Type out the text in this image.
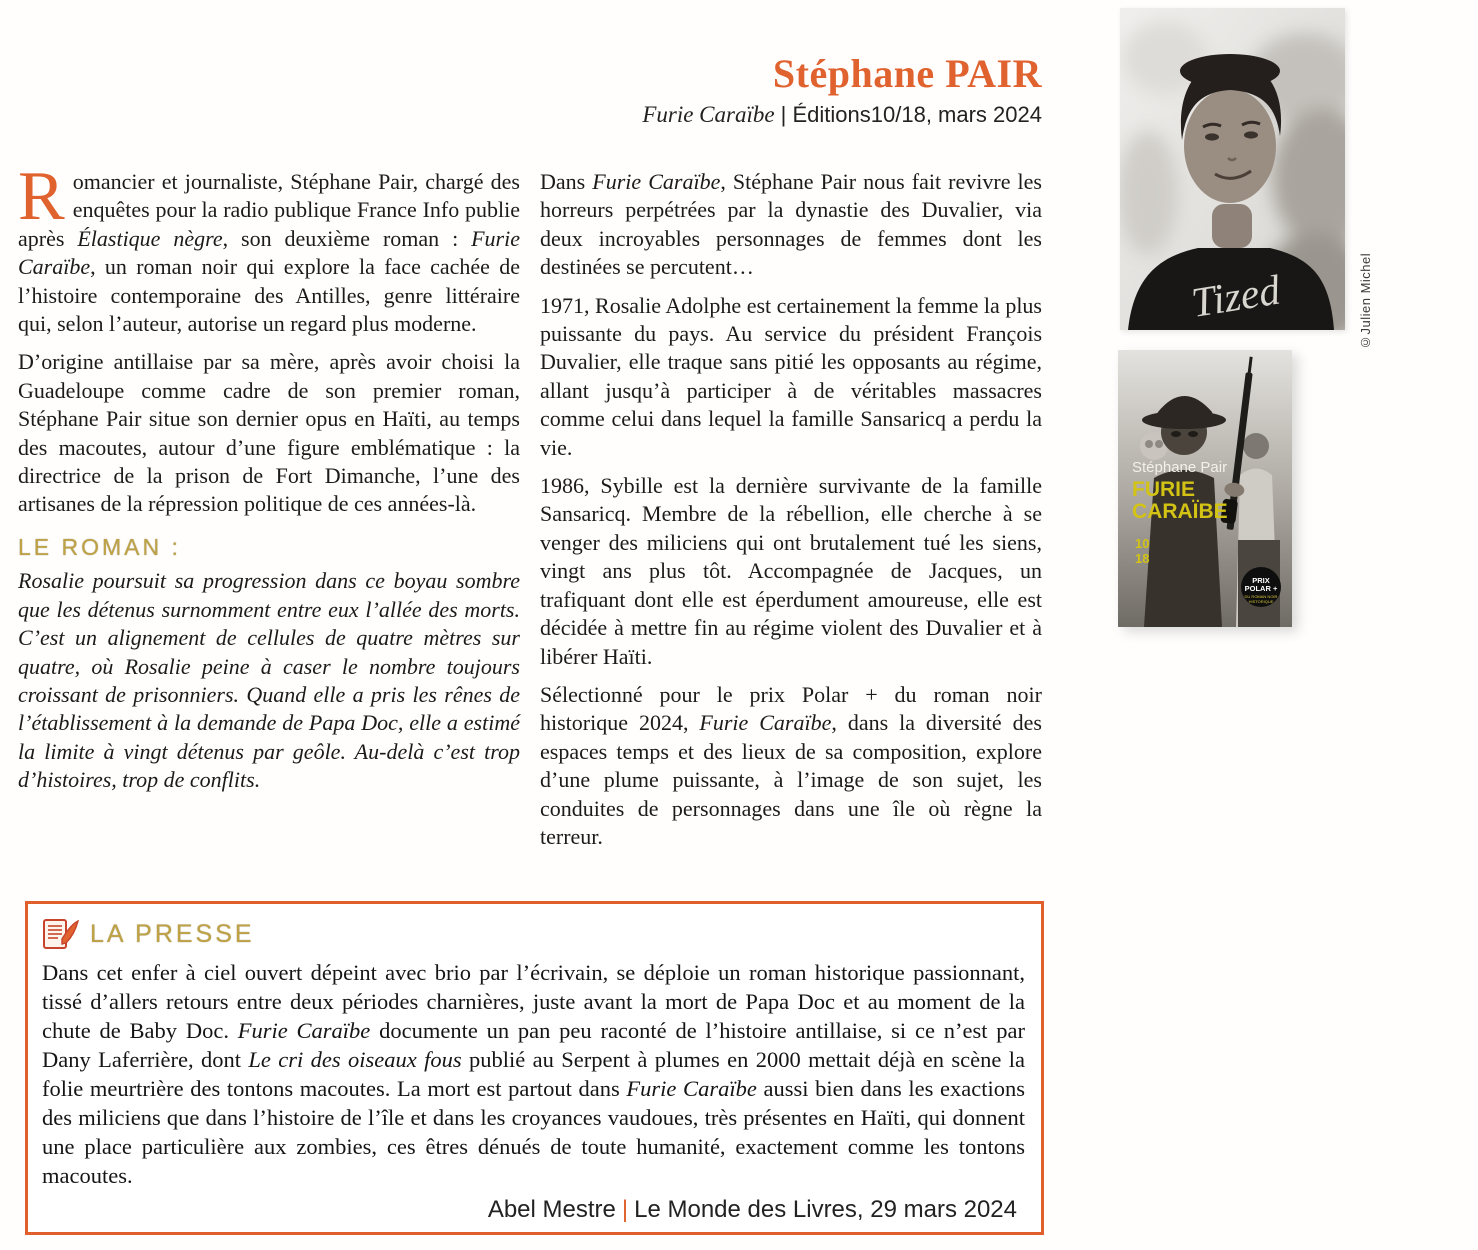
Stéphane PAIR

Furie Caraïbe | Éditions10/18, mars 2024

Romancier et journaliste, Stéphane Pair, chargé des enquêtes pour la radio publique France Info publie après Élastique nègre, son deuxième roman : Furie Caraïbe, un roman noir qui explore la face cachée de l’histoire contemporaine des Antilles, genre littéraire qui, selon l’auteur, autorise un regard plus moderne.

D’origine antillaise par sa mère, après avoir choisi la Guadeloupe comme cadre de son premier roman, Stéphane Pair situe son dernier opus en Haïti, au temps des macoutes, autour d’une figure emblématique : la directrice de la prison de Fort Dimanche, l’une des artisanes de la répression politique de ces années-là.

LE ROMAN :

Rosalie poursuit sa progression dans ce boyau sombre que les détenus surnomment entre eux l’allée des morts. C’est un alignement de cellules de quatre mètres sur quatre, où Rosalie peine à caser le nombre toujours croissant de prisonniers. Quand elle a pris les rênes de l’établissement à la demande de Papa Doc, elle a estimé la limite à vingt détenus par geôle. Au-delà c’est trop d’histoires, trop de conflits.

Dans Furie Caraïbe, Stéphane Pair nous fait revivre les horreurs perpétrées par la dynastie des Duvalier, via deux incroyables personnages de femmes dont les destinées se percutent…

1971, Rosalie Adolphe est certainement la femme la plus puissante du pays. Au service du président François Duvalier, elle traque sans pitié les opposants au régime, allant jusqu’à participer à de véritables massacres comme celui dans lequel la famille Sansaricq a perdu la vie.

1986, Sybille est la dernière survivante de la famille Sansaricq. Membre de la rébellion, elle cherche à se venger des miliciens qui ont brutalement tué les siens, vingt ans plus tôt. Accompagnée de Jacques, un trafiquant dont elle est éperdument amoureuse, elle est décidée à mettre fin au régime violent des Duvalier et à libérer Haïti.

Sélectionné pour le prix Polar + du roman noir historique 2024, Furie Caraïbe, dans la diversité des espaces temps et des lieux de sa composition, explore d’une plume puissante, à l’image de son sujet, les conduites de personnages dans une île où règne la terreur.

Tized	©Julien Michel
Stéphane Pair
FURIE
CARAÏBE
10
18
PRIX
POLAR +
DU ROMAN NOIR
HISTORIQUE
LA PRESSE

Dans cet enfer à ciel ouvert dépeint avec brio par l’écrivain, se déploie un roman historique passionnant, tissé d’allers retours entre deux périodes charnières, juste avant la mort de Papa Doc et au moment de la chute de Baby Doc. Furie Caraïbe documente un pan peu raconté de l’histoire antillaise, si ce n’est par Dany Laferrière, dont Le cri des oiseaux fous publié au Serpent à plumes en 2000 mettait déjà en scène la folie meurtrière des tontons macoutes. La mort est partout dans Furie Caraïbe aussi bien dans les exactions des miliciens que dans l’histoire de l’île et dans les croyances vaudoues, très présentes en Haïti, qui donnent une place particulière aux zombies, ces êtres dénués de toute humanité, exactement comme les tontons macoutes.

Abel Mestre | Le Monde des Livres, 29 mars 2024
